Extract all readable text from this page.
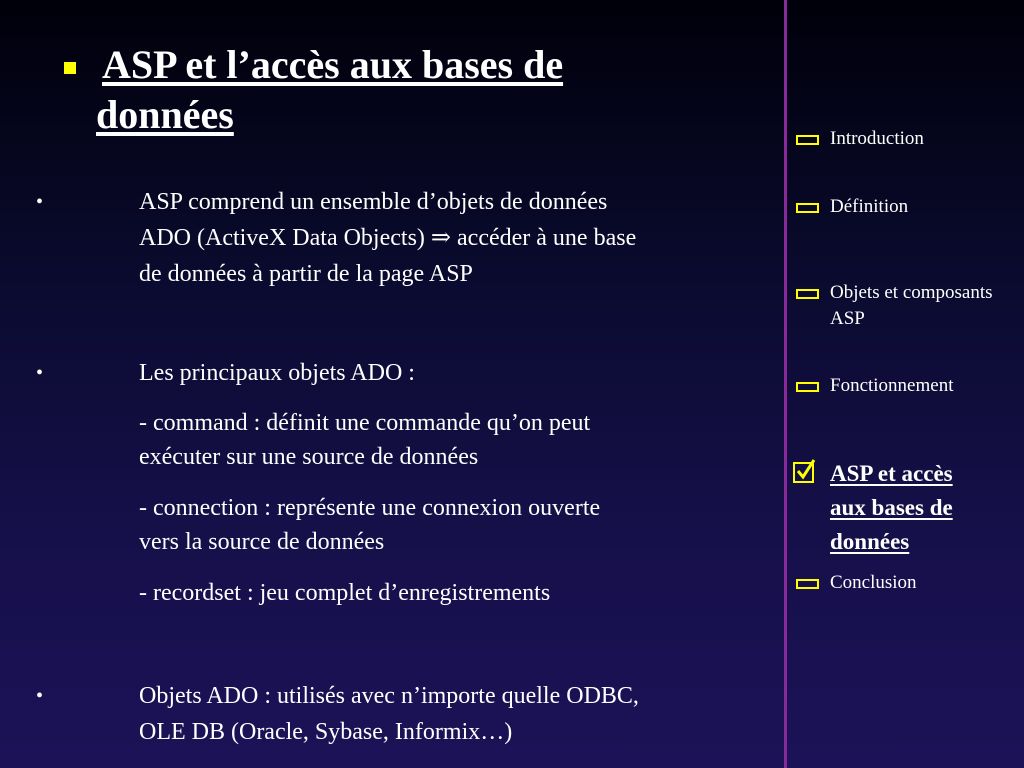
ASP et l’accès aux bases de
données
•	ASP comprend un ensemble d’objets de données
ADO (ActiveX Data Objects) ⇒ accéder à une base
de données à partir de la page ASP
•	Les principaux objets ADO :
- command : définit une commande qu’on peut
exécuter sur une source de données
- connection : représente une connexion ouverte
vers la source de données
- recordset : jeu complet d’enregistrements
•	Objets ADO : utilisés avec n’importe quelle ODBC,
OLE DB (Oracle, Sybase, Informix…)
Introduction
Définition
Objets et composants
ASP
Fonctionnement
ASP et accès
aux bases de
données
Conclusion
